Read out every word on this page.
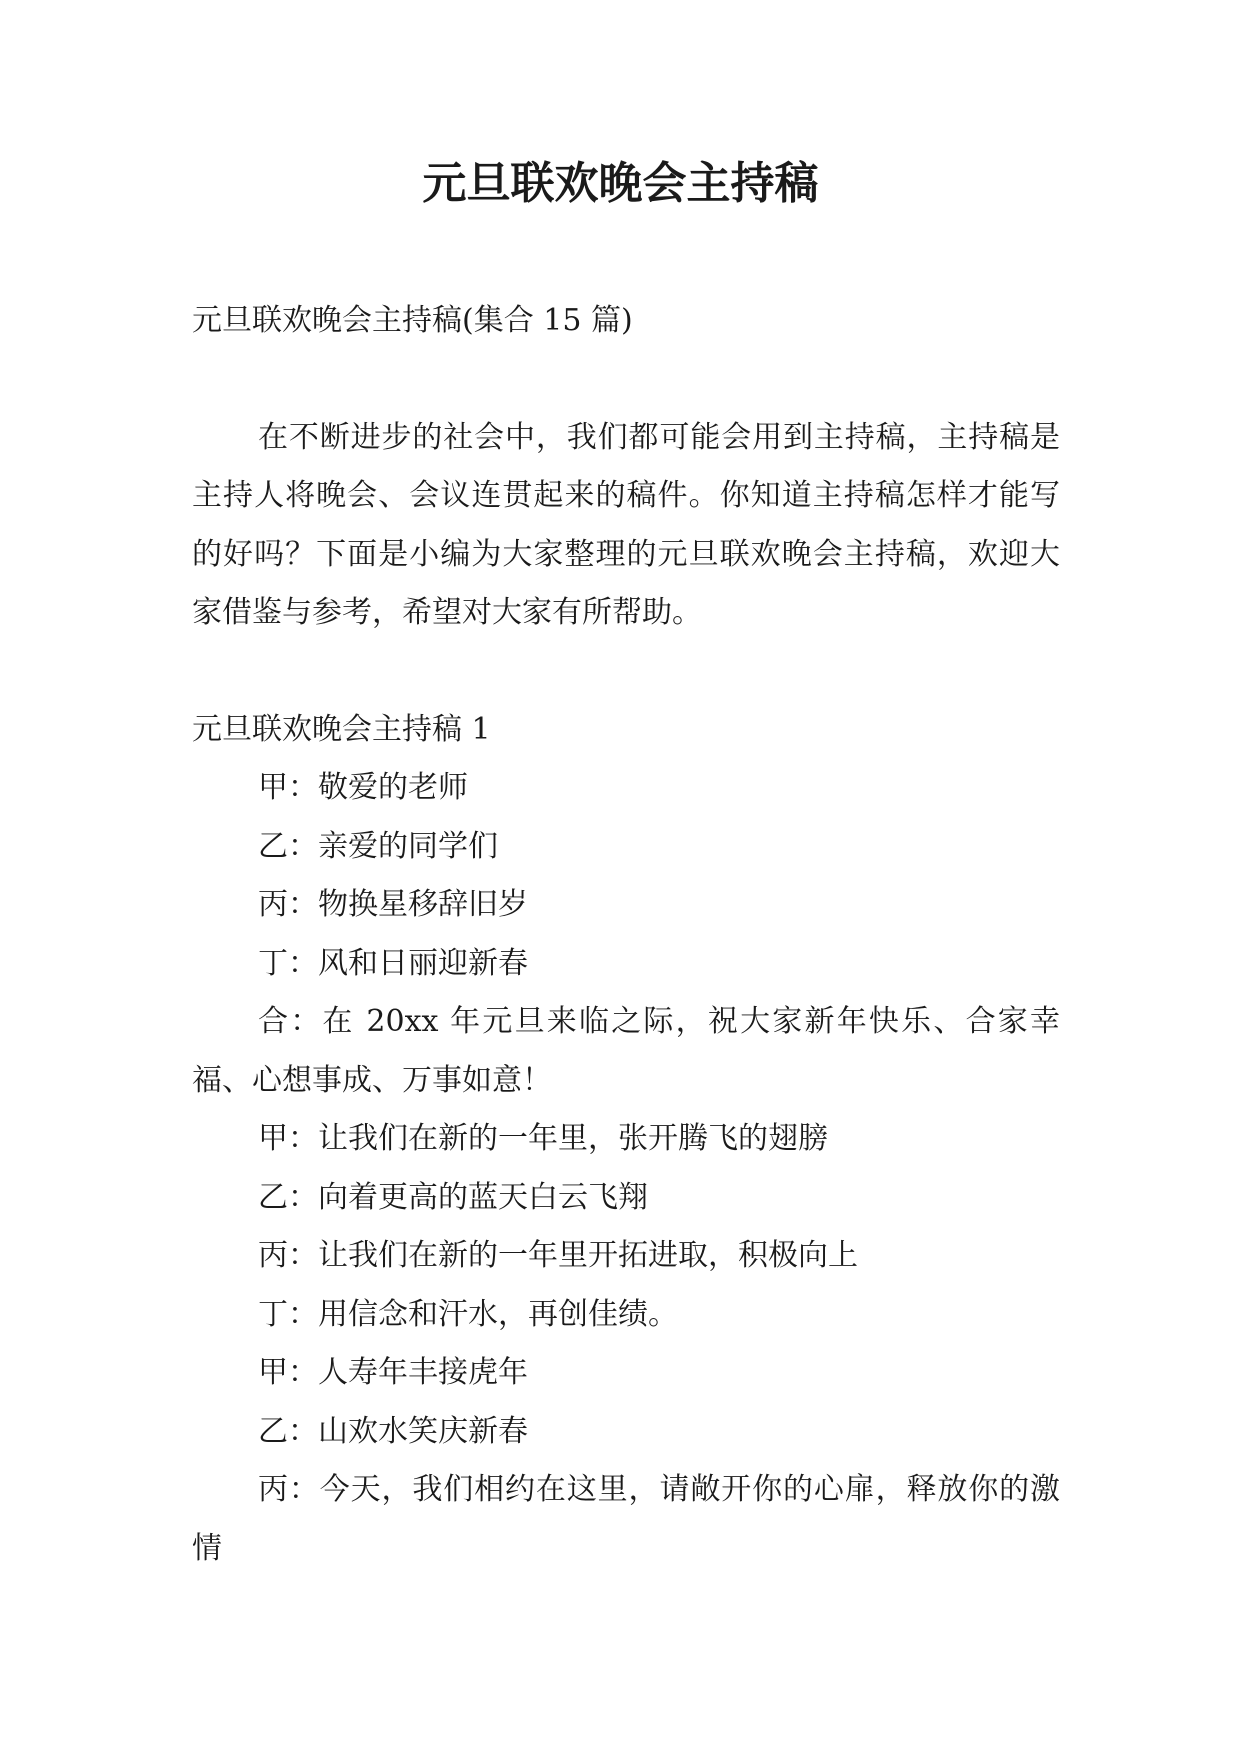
元旦联欢晚会主持稿

元旦联欢晚会主持稿(集合 15 篇)

在不断进步的社会中，我们都可能会用到主持稿，主持稿是主持人将晚会、会议连贯起来的稿件。你知道主持稿怎样才能写的好吗？下面是小编为大家整理的元旦联欢晚会主持稿，欢迎大家借鉴与参考，希望对大家有所帮助。

元旦联欢晚会主持稿 1

甲：敬爱的老师

乙：亲爱的同学们

丙：物换星移辞旧岁

丁：风和日丽迎新春

合：在 20xx 年元旦来临之际，祝大家新年快乐、合家幸福、心想事成、万事如意！

甲：让我们在新的一年里，张开腾飞的翅膀

乙：向着更高的蓝天白云飞翔

丙：让我们在新的一年里开拓进取，积极向上

丁：用信念和汗水，再创佳绩。

甲：人寿年丰接虎年

乙：山欢水笑庆新春

丙：今天，我们相约在这里，请敞开你的心扉，释放你的激情
